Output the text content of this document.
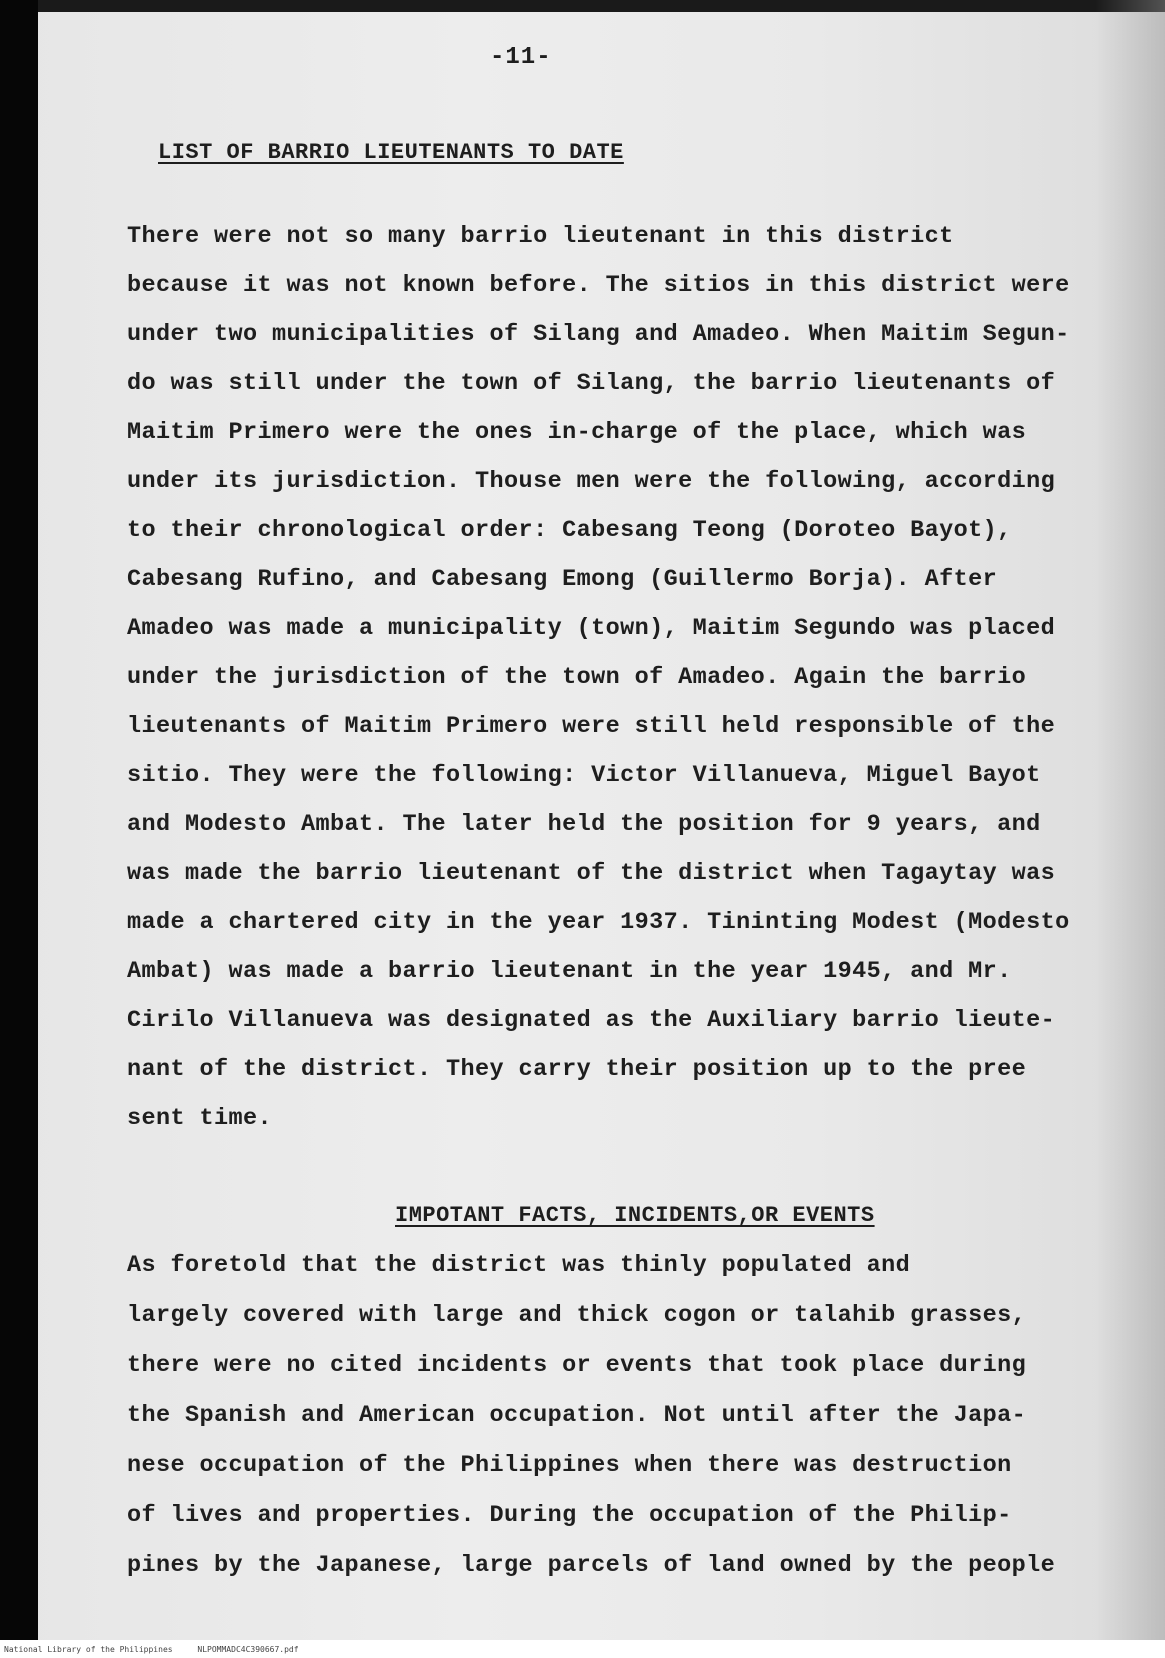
-11-
LIST OF BARRIO LIEUTENANTS TO DATE
There were not so many barrio lieutenant in this district
because it was not known before. The sitios in this district were
under two municipalities of Silang and Amadeo. When Maitim Segun-
do was still under the town of Silang, the barrio lieutenants of
Maitim Primero were the ones in-charge of the place, which was
under its jurisdiction. Thouse men were the following, according
to their chronological order: Cabesang Teong (Doroteo Bayot),
Cabesang Rufino, and Cabesang Emong (Guillermo Borja). After
Amadeo was made a municipality (town), Maitim Segundo was placed
under the jurisdiction of the town of Amadeo. Again the barrio
lieutenants of Maitim Primero were still held responsible of the
sitio. They were the following: Victor Villanueva, Miguel Bayot
and Modesto Ambat. The later held the position for 9 years, and
was made the barrio lieutenant of the district when Tagaytay was
made a chartered city in the year 1937. Tininting Modest (Modesto
Ambat) was made a barrio lieutenant in the year 1945, and Mr.
Cirilo Villanueva was designated as the Auxiliary barrio lieute-
nant of the district. They carry their position up to the pree
sent time.
IMPOTANT FACTS, INCIDENTS,OR EVENTS
As foretold that the district was thinly populated and
largely covered with large and thick cogon or talahib grasses,
there were no cited incidents or events that took place during
the Spanish and American occupation. Not until after the Japa-
nese occupation of the Philippines when there was destruction
of lives and properties. During the occupation of the Philip-
pines by the Japanese, large parcels of land owned by the people
National Library of the Philippines	NLPOMMADC4C390667.pdf
